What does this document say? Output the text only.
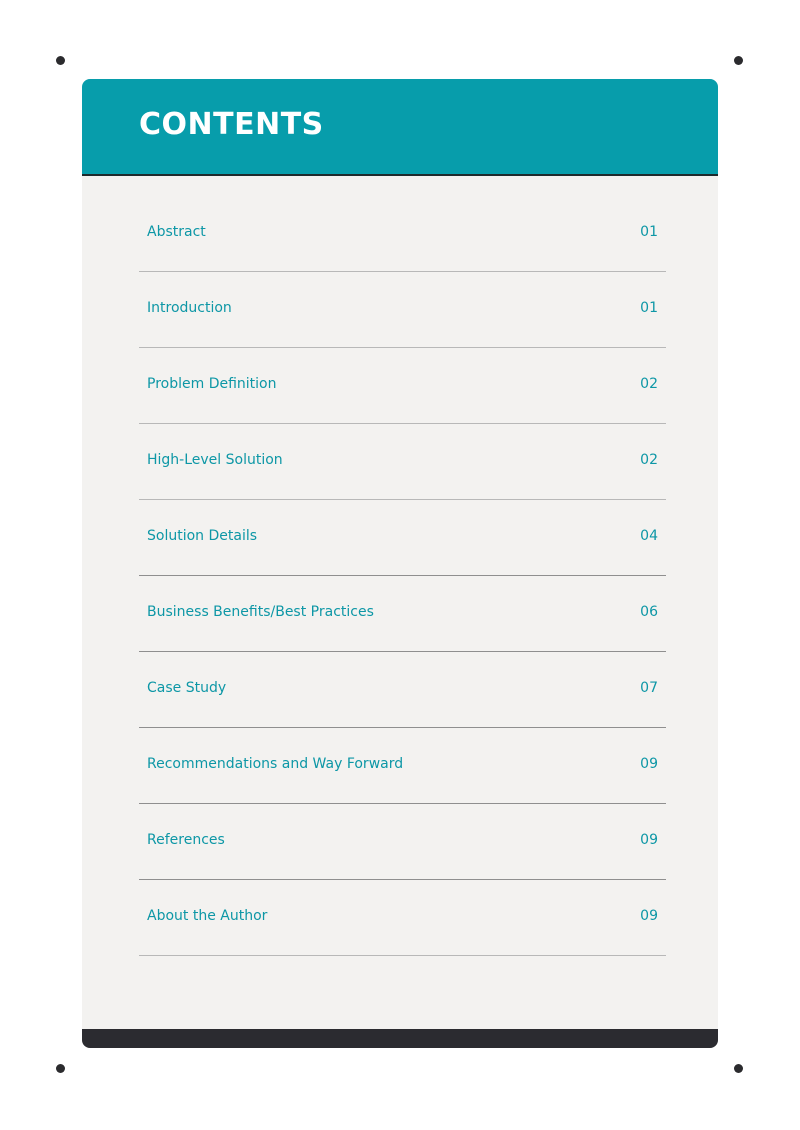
CONTENTS
Abstract	01
Introduction	01
Problem Definition	02
High-Level Solution	02
Solution Details	04
Business Benefits/Best Practices	06
Case Study	07
Recommendations and Way Forward	09
References	09
About the Author	09
